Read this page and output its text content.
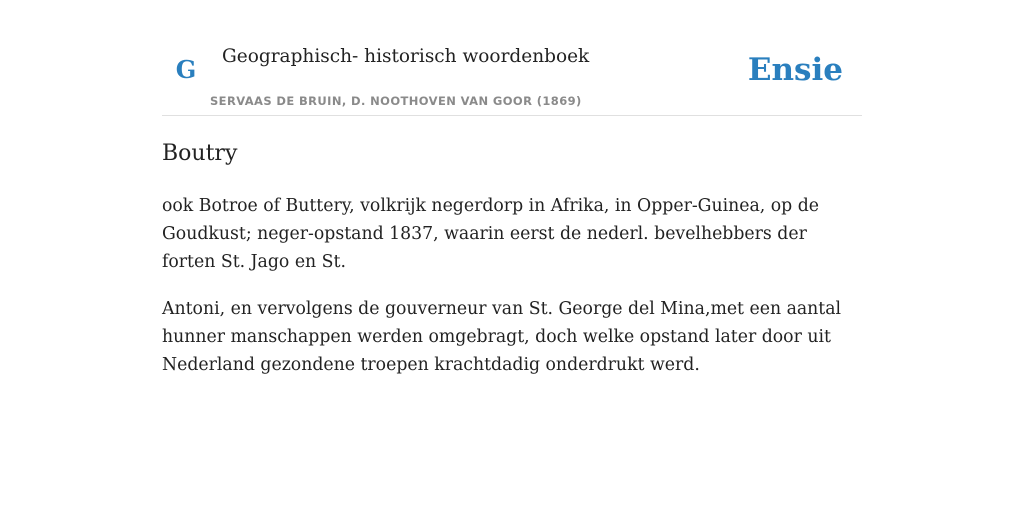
G	Geographisch- historisch woordenboek
SERVAAS DE BRUIN, D. NOOTHOVEN VAN GOOR (1869)
Ensie
Boutry

ook Botroe of Buttery, volkrijk negerdorp in Afrika, in Opper-Guinea, op de Goudkust; neger-opstand 1837, waarin eerst de nederl. bevelhebbers der forten St. Jago en St.

Antoni, en vervolgens de gouverneur van St. George del Mina,met een aantal hunner manschappen werden omgebragt, doch welke opstand later door uit Nederland gezondene troepen krachtdadig onderdrukt werd.
